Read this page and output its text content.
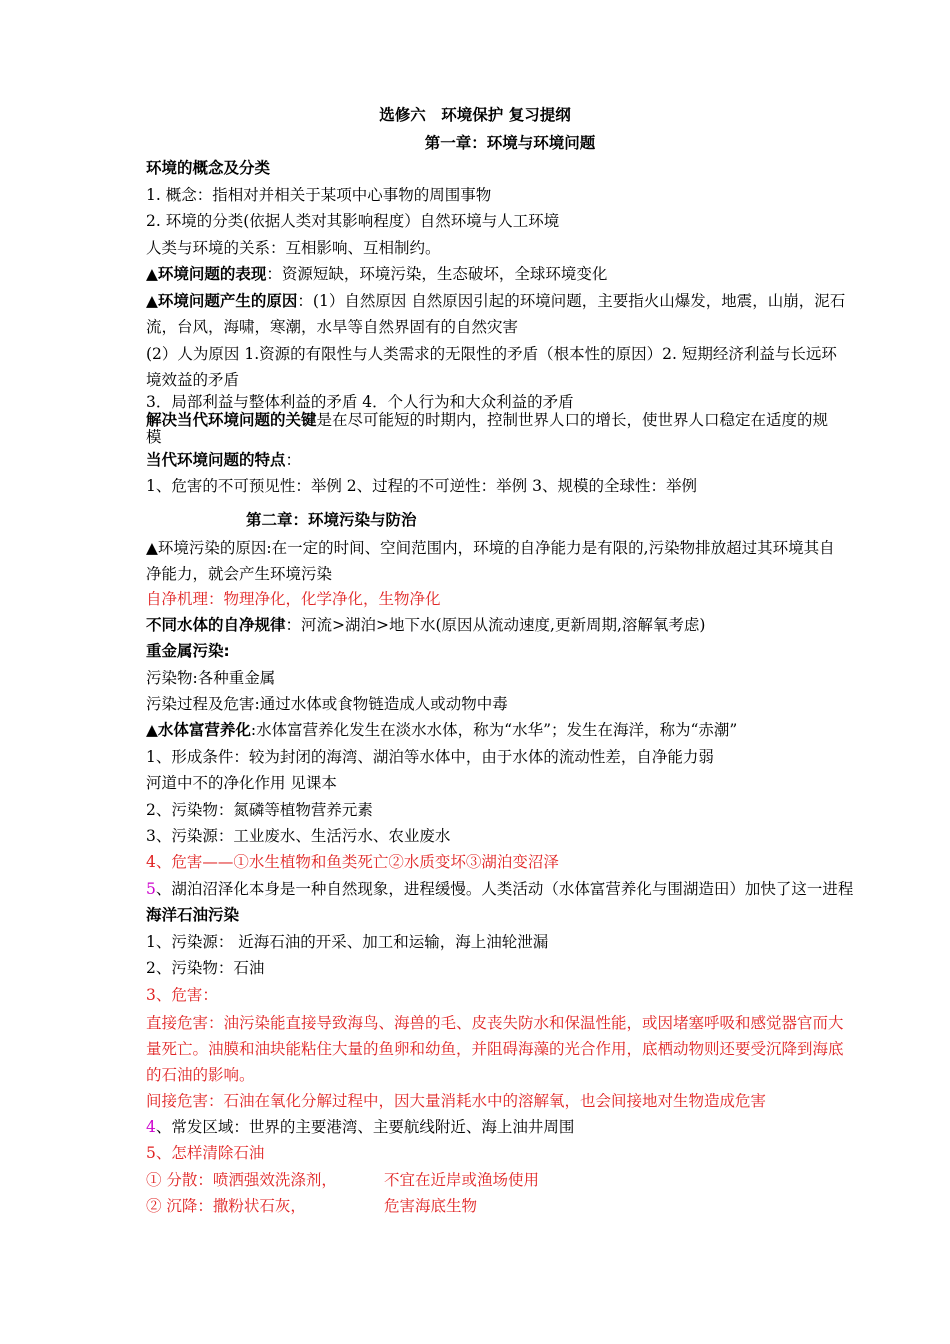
选修六　环境保护 复习提纲
第一章：环境与环境问题
环境的概念及分类
1. 概念：指相对并相关于某项中心事物的周围事物
2. 环境的分类(依据人类对其影响程度）自然环境与人工环境
人类与环境的关系：互相影响、互相制约。
▲环境问题的表现：资源短缺，环境污染，生态破坏，全球环境变化
▲环境问题产生的原因：(1）自然原因 自然原因引起的环境问题，主要指火山爆发，地震，山崩，泥石
流，台风，海啸，寒潮，水旱等自然界固有的自然灾害
(2）人为原因 1.资源的有限性与人类需求的无限性的矛盾（根本性的原因）2. 短期经济利益与长远环
境效益的矛盾
3．局部利益与整体利益的矛盾 4．个人行为和大众利益的矛盾
解决当代环境问题的关键是在尽可能短的时期内，控制世界人口的增长，使世界人口稳定在适度的规
模
当代环境问题的特点：
1、危害的不可预见性：举例 2、过程的不可逆性：举例 3、规模的全球性：举例
第二章：环境污染与防治
▲环境污染的原因:在一定的时间、空间范围内，环境的自净能力是有限的,污染物排放超过其环境其自
净能力，就会产生环境污染
自净机理：物理净化，化学净化，生物净化
不同水体的自净规律：河流>湖泊>地下水(原因从流动速度,更新周期,溶解氧考虑)
重金属污染:
污染物:各种重金属
污染过程及危害:通过水体或食物链造成人或动物中毒
▲水体富营养化:水体富营养化发生在淡水水体，称为“水华”；发生在海洋，称为“赤潮”
1、形成条件：较为封闭的海湾、湖泊等水体中，由于水体的流动性差，自净能力弱
河道中不的净化作用 见课本
2、污染物：氮磷等植物营养元素
3、污染源：工业废水、生活污水、农业废水
4、危害——①水生植物和鱼类死亡②水质变坏③湖泊变沼泽
5、湖泊沼泽化本身是一种自然现象，进程缓慢。人类活动（水体富营养化与围湖造田）加快了这一进程
海洋石油污染
1、污染源： 近海石油的开采、加工和运输，海上油轮泄漏
2、污染物：石油
3、危害：
直接危害：油污染能直接导致海鸟、海兽的毛、皮丧失防水和保温性能，或因堵塞呼吸和感觉器官而大
量死亡。油膜和油块能粘住大量的鱼卵和幼鱼，并阻碍海藻的光合作用，底栖动物则还要受沉降到海底
的石油的影响。
间接危害：石油在氧化分解过程中，因大量消耗水中的溶解氧，也会间接地对生物造成危害
4、常发区域：世界的主要港湾、主要航线附近、海上油井周围
5、怎样清除石油
① 分散：喷洒强效洗涤剂，	不宜在近岸或渔场使用
② 沉降：撒粉状石灰，	危害海底生物
